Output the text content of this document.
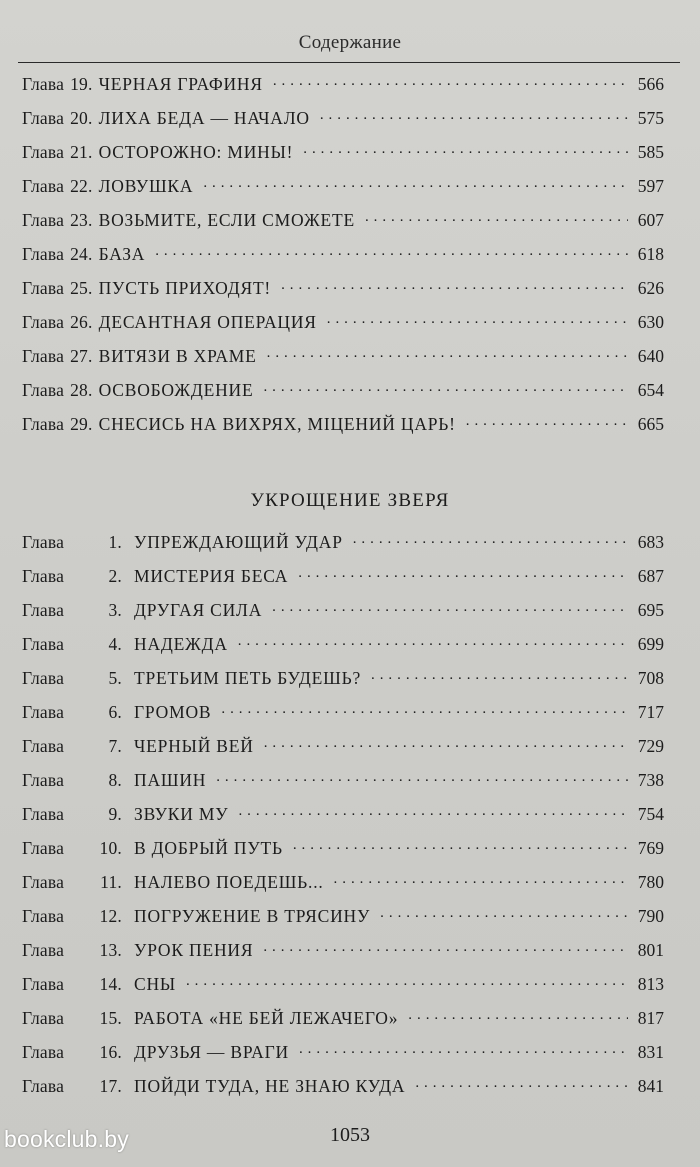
Содержание
Глава 19. ЧЕРНАЯ ГРАФИНЯ . . .	566
Глава 20. ЛИХА БЕДА — НАЧАЛО . . .	575
Глава 21. ОСТОРОЖНО: МИНЫ! . . .	585
Глава 22. ЛОВУШКА . . .	597
Глава 23. ВОЗЬМИТЕ, ЕСЛИ СМОЖЕТЕ . . .	607
Глава 24. БАЗА . . .	618
Глава 25. ПУСТЬ ПРИХОДЯТ! . . .	626
Глава 26. ДЕСАНТНАЯ ОПЕРАЦИЯ . . .	630
Глава 27. ВИТЯЗИ В ХРАМЕ . . .	640
Глава 28. ОСВОБОЖДЕНИЕ . . .	654
Глава 29. СНЕСИСЬ НА ВИХРЯХ, МІЦЕНИЙ ЦАРЬ! . . .	665
УКРОЩЕНИЕ ЗВЕРЯ
Глава	1. УПРЕЖДАЮЩИЙ УДАР . . .	683
Глава	2. МИСТЕРИЯ БЕСА . . .	687
Глава	3. ДРУГАЯ СИЛА . . .	695
Глава	4. НАДЕЖДА . . .	699
Глава	5. ТРЕТЬИМ ПЕТЬ БУДЕШЬ? . . .	708
Глава	6. ГРОМОВ . . .	717
Глава	7. ЧЕРНЫЙ ВЕЙ . . .	729
Глава	8. ПАШИН . . .	738
Глава	9. ЗВУКИ МУ . . .	754
Глава	10. В ДОБРЫЙ ПУТЬ . . .	769
Глава	11. НАЛЕВО ПОЕДЕШЬ... . . .	780
Глава	12. ПОГРУЖЕНИЕ В ТРЯСИНУ . . .	790
Глава	13. УРОК ПЕНИЯ . . .	801
Глава	14. СНЫ . . .	813
Глава	15. РАБОТА «НЕ БЕЙ ЛЕЖАЧЕГО» . . .	817
Глава	16. ДРУЗЬЯ — ВРАГИ . . .	831
Глава	17. ПОЙДИ ТУДА, НЕ ЗНАЮ КУДА . . .	841
1053
bookclub.by
